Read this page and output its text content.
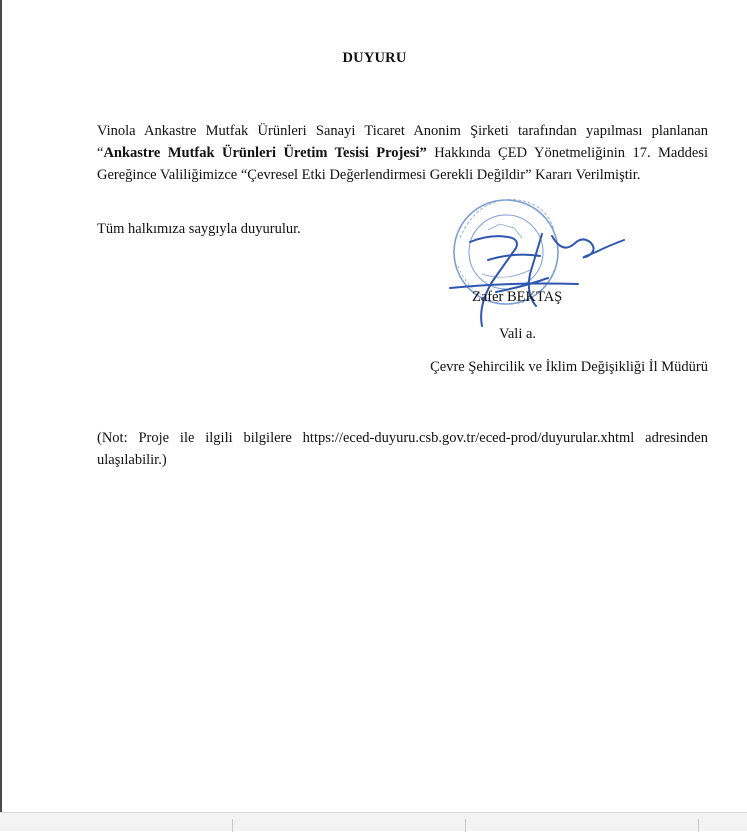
DUYURU
Vinola Ankastre Mutfak Ürünleri Sanayi Ticaret Anonim Şirketi tarafından yapılması planlanan “Ankastre Mutfak Ürünleri Üretim Tesisi Projesi” Hakkında ÇED Yönetmeliğinin 17. Maddesi Gereğince Valiliğimizce “Çevresel Etki Değerlendirmesi Gerekli Değildir” Kararı Verilmiştir.
Tüm halkımıza saygıyla duyurulur.
Zafer BEKTAŞ
Vali a.
Çevre Şehircilik ve İklim Değişikliği İl Müdürü
(Not: Proje ile ilgili bilgilere https://eced-duyuru.csb.gov.tr/eced-prod/duyurular.xhtml adresinden ulaşılabilir.)
